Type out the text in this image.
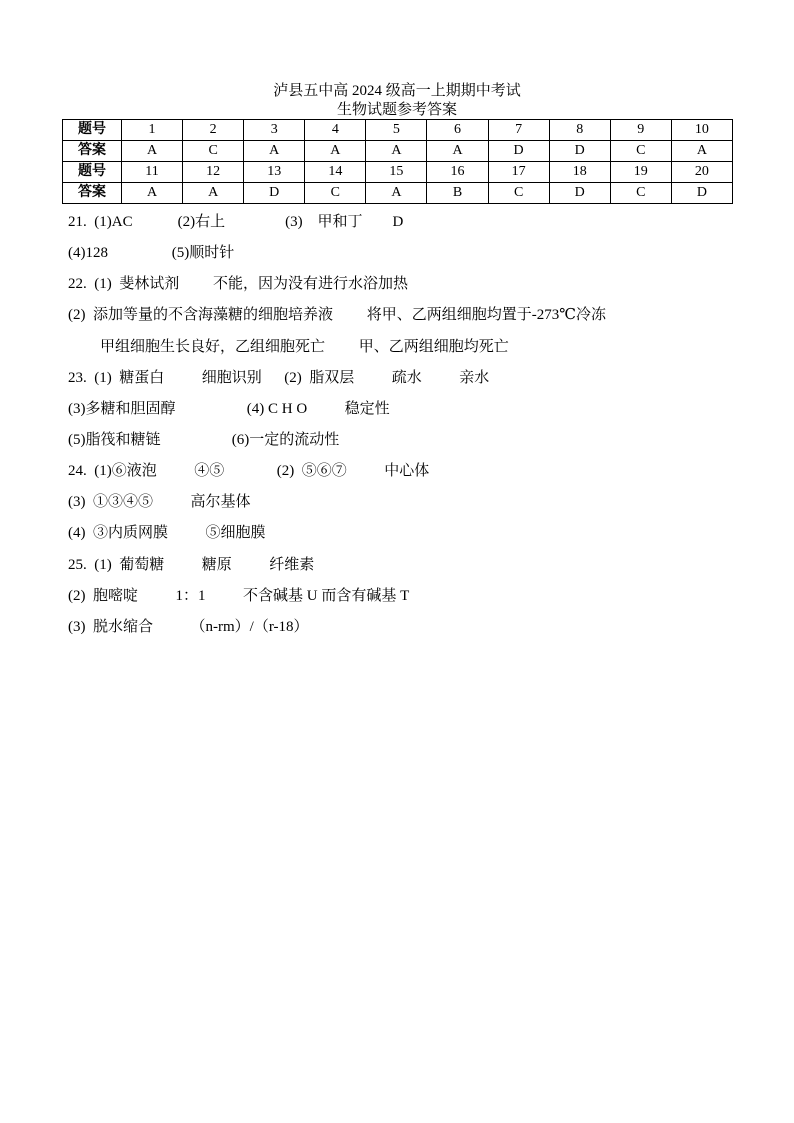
泸县五中高 2024 级高一上期期中考试
生物试题参考答案
题号	1	2	3	4	5	6	7	8	9	10
答案	A	C	A	A	A	A	D	D	C	A
题号	11	12	13	14	15	16	17	18	19	20
答案	A	A	D	C	A	B	C	D	C	D
21.  (1)AC            (2)右上                (3)    甲和丁        D
(4)128                 (5)顺时针
22.  (1)  斐林试剂         不能，因为没有进行水浴加热
(2)  添加等量的不含海藻糖的细胞培养液         将甲、乙两组细胞均置于-273℃冷冻
甲组细胞生长良好，乙组细胞死亡         甲、乙两组细胞均死亡
23.  (1)  糖蛋白          细胞识别      (2)  脂双层          疏水          亲水
(3)多糖和胆固醇                   (4) C H O          稳定性
(5)脂筏和糖链                   (6)一定的流动性
24.  (1)⑥液泡          ④⑤              (2)  ⑤⑥⑦          中心体
(3)  ①③④⑤          高尔基体
(4)  ③内质网膜          ⑤细胞膜
25.  (1)  葡萄糖          糖原          纤维素
(2)  胞嘧啶          1：1          不含碱基 U 而含有碱基 T
(3)  脱水缩合          （n-rm）/（r-18）
